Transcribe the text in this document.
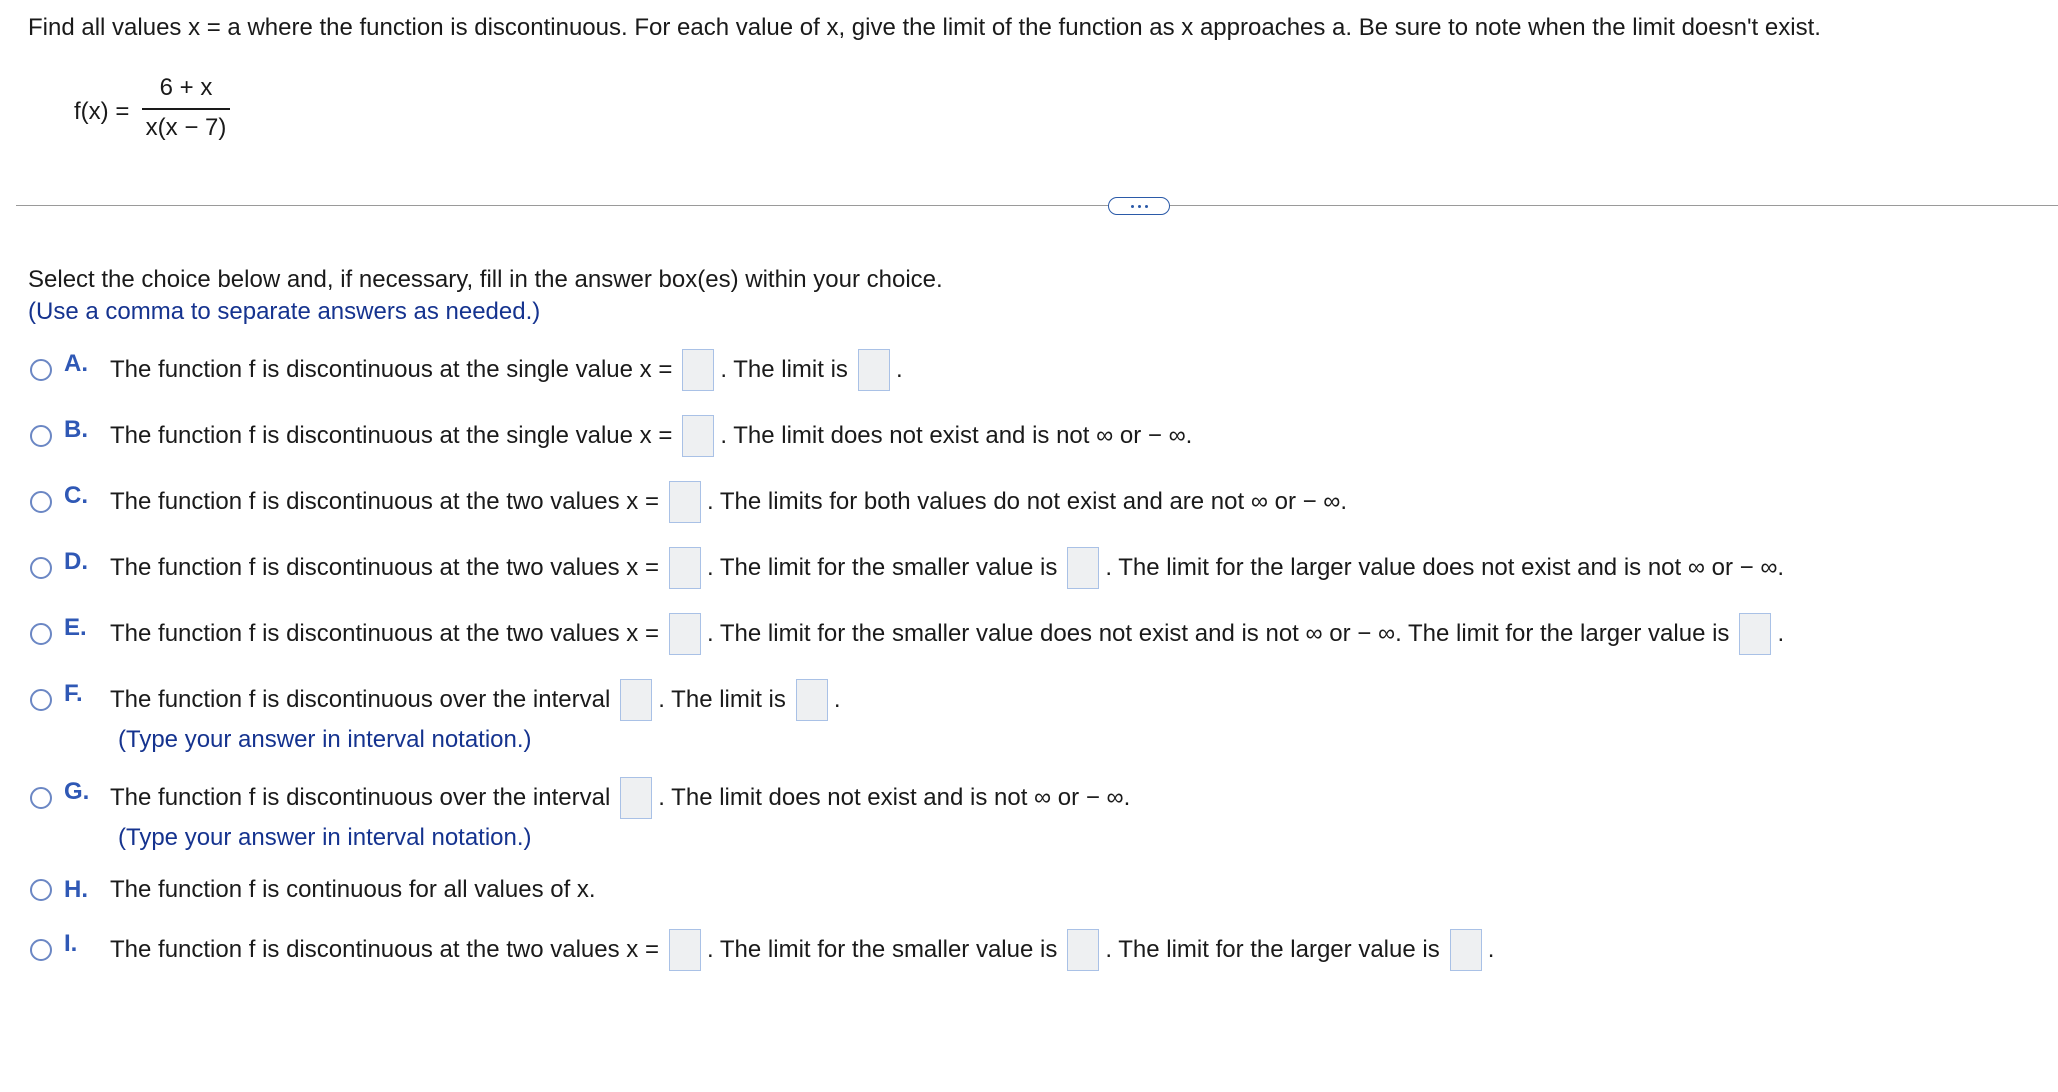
Find all values x = a where the function is discontinuous. For each value of x, give the limit of the function as x approaches a. Be sure to note when the limit doesn't exist.
f(x) =
6 + x
x(x − 7)
Select the choice below and, if necessary, fill in the answer box(es) within your choice.
(Use a comma to separate answers as needed.)
A. The function f is discontinuous at the single value x = . The limit is .
B. The function f is discontinuous at the single value x = . The limit does not exist and is not ∞ or − ∞.
C. The function f is discontinuous at the two values x = . The limits for both values do not exist and are not ∞ or − ∞.
D. The function f is discontinuous at the two values x = . The limit for the smaller value is . The limit for the larger value does not exist and is not ∞ or − ∞.
E. The function f is discontinuous at the two values x = . The limit for the smaller value does not exist and is not ∞ or − ∞. The limit for the larger value is .
F.	The function f is discontinuous over the interval . The limit is .
(Type your answer in interval notation.)
G. The function f is discontinuous over the interval . The limit does not exist and is not ∞ or − ∞.
(Type your answer in interval notation.)
H. The function f is continuous for all values of x.
I.	The function f is discontinuous at the two values x = . The limit for the smaller value is . The limit for the larger value is .
